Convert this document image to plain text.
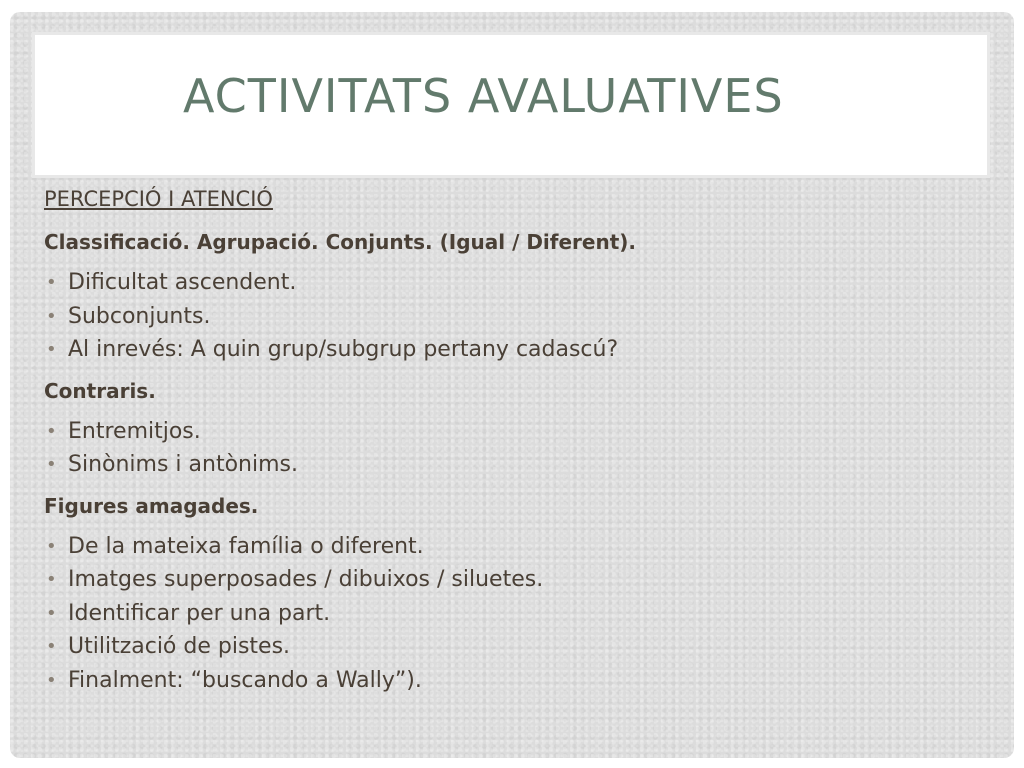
ACTIVITATS AVALUATIVES
PERCEPCIÓ I ATENCIÓ
Classificació. Agrupació. Conjunts. (Igual / Diferent).
• Dificultat ascendent.
• Subconjunts.
• Al inrevés: A quin grup/subgrup pertany cadascú?
Contraris.
• Entremitjos.
• Sinònims i antònims.
Figures amagades.
• De la mateixa família o diferent.
• Imatges superposades / dibuixos / siluetes.
• Identificar per una part.
• Utilització de pistes.
• Finalment: “buscando a Wally”).
